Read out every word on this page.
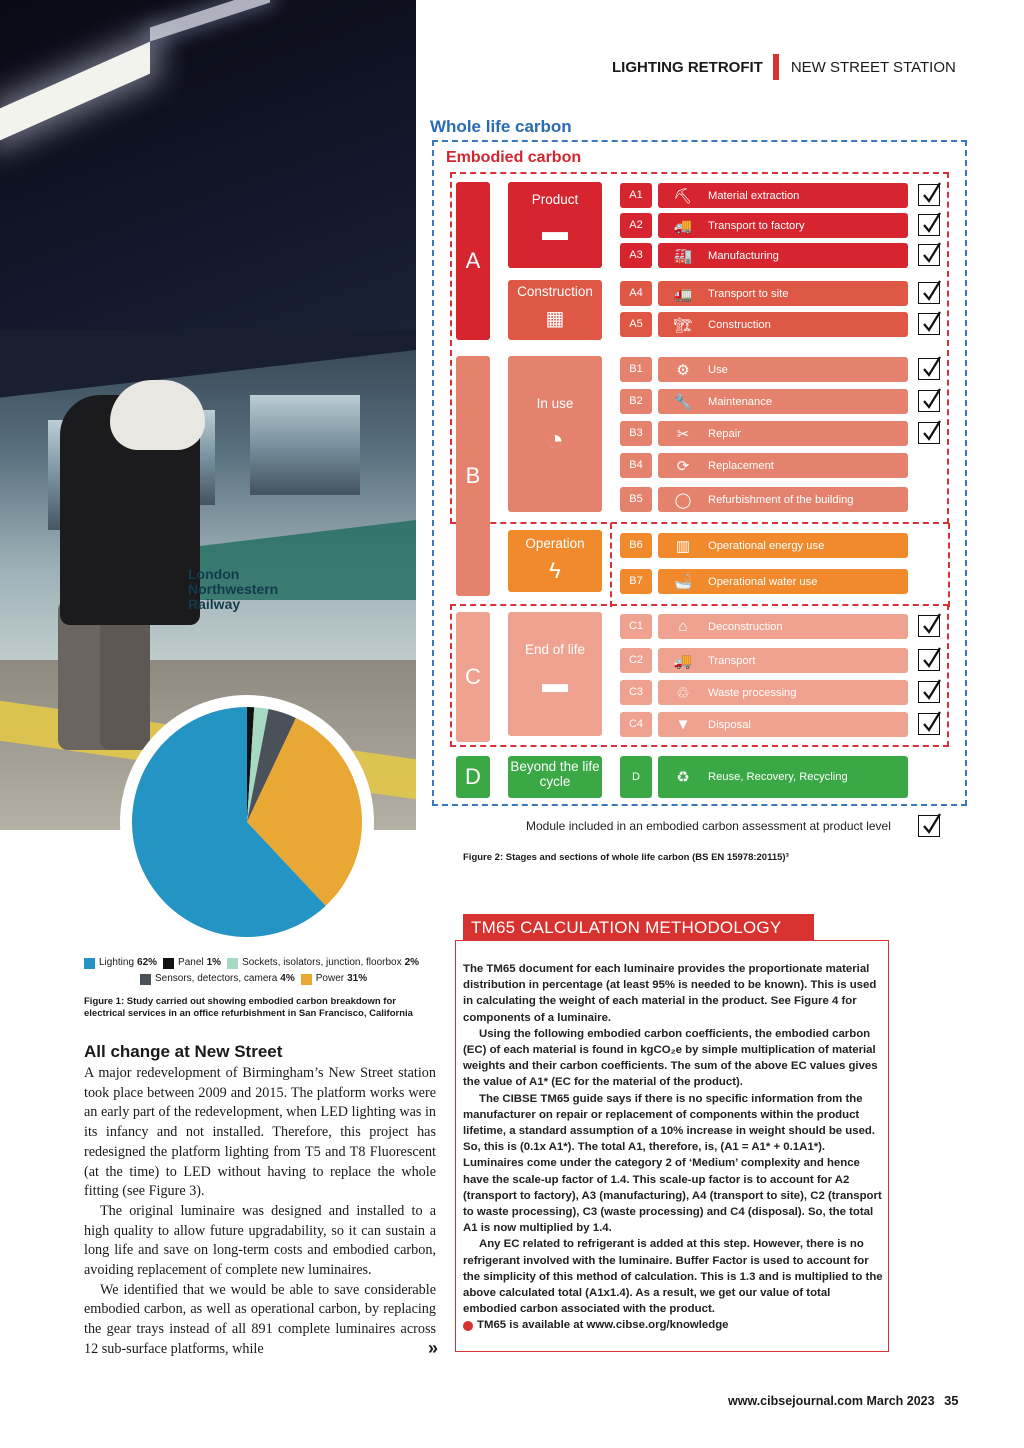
London
Northwestern
Railway
Lighting 62% Panel 1% Sockets, isolators, junction, floorbox 2%
Sensors, detectors, camera 4% Power 31%
Figure 1: Study carried out showing embodied carbon breakdown for electrical services in an office refurbishment in San Francisco, California
All change at New Street

A major redevelopment of Birmingham’s New Street station took place between 2009 and 2015. The platform works were an early part of the redevelopment, when LED lighting was in its infancy and not installed. Therefore, this project has redesigned the platform lighting from T5 and T8 Fluorescent (at the time) to LED without having to replace the whole fitting (see Figure 3).

The original luminaire was designed and installed to a high quality to allow future upgradability, so it can sustain a long life and save on long-term costs and embodied carbon, avoiding replacement of complete new luminaires.

We identified that we would be able to save considerable embodied carbon, as well as operational carbon, by replacing the gear trays instead of all 891 complete luminaires across 12 sub-surface platforms, while	»
LIGHTING RETROFIT NEW STREET STATION
Whole life carbon
Embodied carbon
A
B
C
D
Product
▬
Construction
▦
In use
◔
Operation
ϟ
End of life
▬
Beyond the life cycle
A1	⛏	Material extraction
A2	🚚	Transport to factory
A3	🏭	Manufacturing
A4	🚛	Transport to site
A5	🏗	Construction
B1	⚙	Use
B2	🔧	Maintenance
B3	✂	Repair
B4	⟳	Replacement
B5	◯	Refurbishment of the building
B6	▥	Operational energy use
B7	🛁	Operational water use
C1	⌂	Deconstruction
C2	🚚	Transport
C3	♲	Waste processing
C4	▼	Disposal
D	♻	Reuse, Recovery, Recycling
Module included in an embodied carbon assessment at product level
Figure 2: Stages and sections of whole life carbon (BS EN 15978:20115)³
TM65 CALCULATION METHODOLOGY

The TM65 document for each luminaire provides the proportionate material distribution in percentage (at least 95% is needed to be known). This is used in calculating the weight of each material in the product. See Figure 4 for components of a luminaire.

Using the following embodied carbon coefficients, the embodied carbon (EC) of each material is found in kgCO₂e by simple multiplication of material weights and their carbon coefficients. The sum of the above EC values gives the value of A1* (EC for the material of the product).

The CIBSE TM65 guide says if there is no specific information from the manufacturer on repair or replacement of components within the product lifetime, a standard assumption of a 10% increase in weight should be used. So, this is (0.1x A1*). The total A1, therefore, is, (A1 = A1* + 0.1A1*). Luminaires come under the category 2 of ‘Medium’ complexity and hence have the scale-up factor of 1.4. This scale-up factor is to account for A2 (transport to factory), A3 (manufacturing), A4 (transport to site), C2 (transport to waste processing), C3 (waste processing) and C4 (disposal). So, the total A1 is now multiplied by 1.4.

Any EC related to refrigerant is added at this step. However, there is no refrigerant involved with the luminaire. Buffer Factor is used to account for the simplicity of this method of calculation. This is 1.3 and is multiplied to the above calculated total (A1x1.4). As a result, we get our value of total embodied carbon associated with the product.

TM65 is available at www.cibse.org/knowledge
www.cibsejournal.com March 2023 35
